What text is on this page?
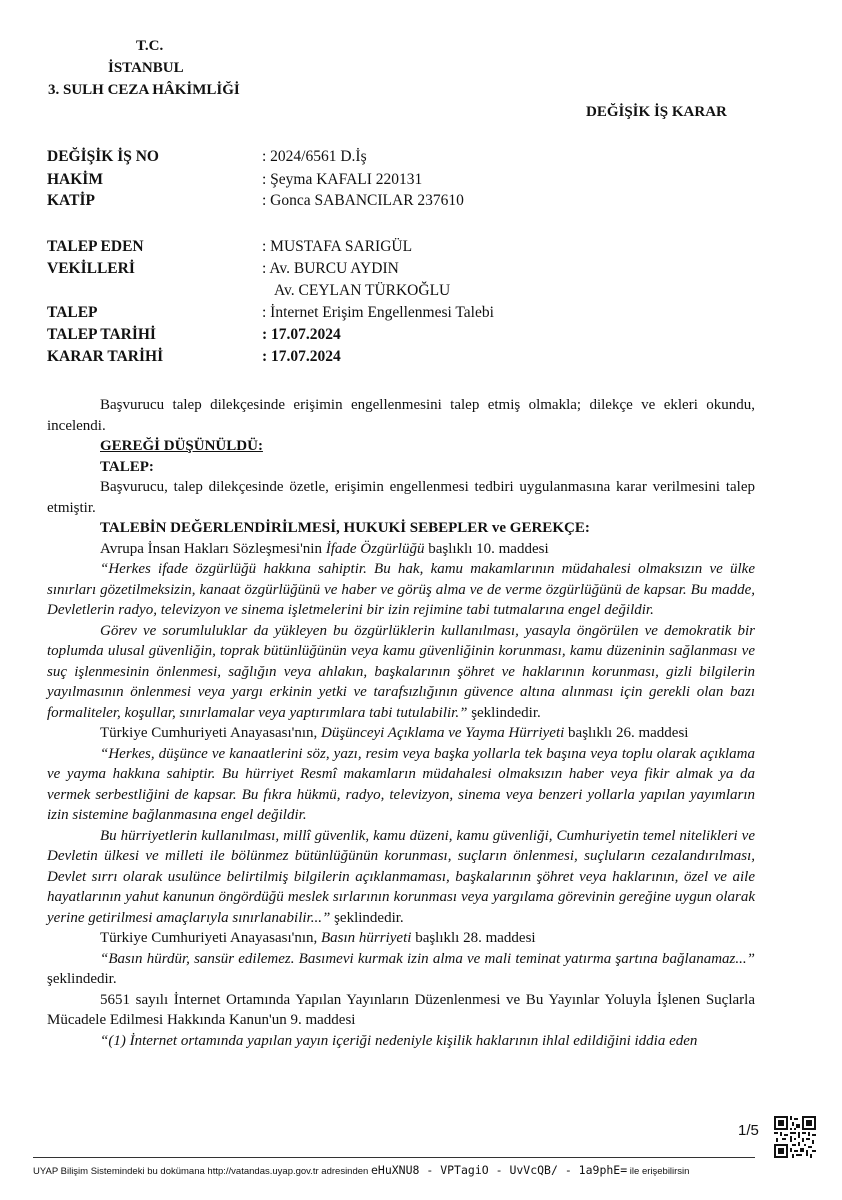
T.C.
İSTANBUL
3. SULH CEZA HÂKİMLİĞİ
DEĞİŞİK İŞ KARAR
DEĞİŞİK İŞ NO	: 2024/6561 D.İş
HAKİM	: Şeyma KAFALI 220131
KATİP	: Gonca SABANCILAR 237610
TALEP EDEN	: MUSTAFA SARIGÜL
VEKİLLERİ	: Av. BURCU AYDIN
Av. CEYLAN TÜRKOĞLU
TALEP	: İnternet Erişim Engellenmesi Talebi
TALEP TARİHİ	: 17.07.2024
KARAR TARİHİ	: 17.07.2024

Başvurucu talep dilekçesinde erişimin engellenmesini talep etmiş olmakla; dilekçe ve ekleri okundu, incelendi.

GEREĞİ DÜŞÜNÜLDÜ:

TALEP:

Başvurucu, talep dilekçesinde özetle, erişimin engellenmesi tedbiri uygulanmasına karar verilmesini talep etmiştir.

TALEBİN DEĞERLENDİRİLMESİ, HUKUKİ SEBEPLER ve GEREKÇE:

Avrupa İnsan Hakları Sözleşmesi'nin İfade Özgürlüğü başlıklı 10. maddesi

“Herkes ifade özgürlüğü hakkına sahiptir. Bu hak, kamu makamlarının müdahalesi olmaksızın ve ülke sınırları gözetilmeksizin, kanaat özgürlüğünü ve haber ve görüş alma ve de verme özgürlüğünü de kapsar. Bu madde, Devletlerin radyo, televizyon ve sinema işletmelerini bir izin rejimine tabi tutmalarına engel değildir.

Görev ve sorumluluklar da yükleyen bu özgürlüklerin kullanılması, yasayla öngörülen ve demokratik bir toplumda ulusal güvenliğin, toprak bütünlüğünün veya kamu güvenliğinin korunması, kamu düzeninin sağlanması ve suç işlenmesinin önlenmesi, sağlığın veya ahlakın, başkalarının şöhret ve haklarının korunması, gizli bilgilerin yayılmasının önlenmesi veya yargı erkinin yetki ve tarafsızlığının güvence altına alınması için gerekli olan bazı formaliteler, koşullar, sınırlamalar veya yaptırımlara tabi tutulabilir.” şeklindedir.

Türkiye Cumhuriyeti Anayasası'nın, Düşünceyi Açıklama ve Yayma Hürriyeti başlıklı 26. maddesi

“Herkes, düşünce ve kanaatlerini söz, yazı, resim veya başka yollarla tek başına veya toplu olarak açıklama ve yayma hakkına sahiptir. Bu hürriyet Resmî makamların müdahalesi olmaksızın haber veya fikir almak ya da vermek serbestliğini de kapsar. Bu fıkra hükmü, radyo, televizyon, sinema veya benzeri yollarla yapılan yayımların izin sistemine bağlanmasına engel değildir.

Bu hürriyetlerin kullanılması, millî güvenlik, kamu düzeni, kamu güvenliği, Cumhuriyetin temel nitelikleri ve Devletin ülkesi ve milleti ile bölünmez bütünlüğünün korunması, suçların önlenmesi, suçluların cezalandırılması, Devlet sırrı olarak usulünce belirtilmiş bilgilerin açıklanmaması, başkalarının şöhret veya haklarının, özel ve aile hayatlarının yahut kanunun öngördüğü meslek sırlarının korunması veya yargılama görevinin gereğine uygun olarak yerine getirilmesi amaçlarıyla sınırlanabilir...” şeklindedir.

Türkiye Cumhuriyeti Anayasası'nın, Basın hürriyeti başlıklı 28. maddesi

“Basın hürdür, sansür edilemez. Basımevi kurmak izin alma ve mali teminat yatırma şartına bağlanamaz...” şeklindedir.

5651 sayılı İnternet Ortamında Yapılan Yayınların Düzenlenmesi ve Bu Yayınlar Yoluyla İşlenen Suçlarla Mücadele Edilmesi Hakkında Kanun'un 9. maddesi

“(1) İnternet ortamında yapılan yayın içeriği nedeniyle kişilik haklarının ihlal edildiğini iddia eden

1/5
UYAP Bilişim Sistemindeki bu dokümana http://vatandas.uyap.gov.tr adresinden eHuXNU8 - VPTagiO - UvVcQB/ - 1a9phE= ile erişebilirsin
